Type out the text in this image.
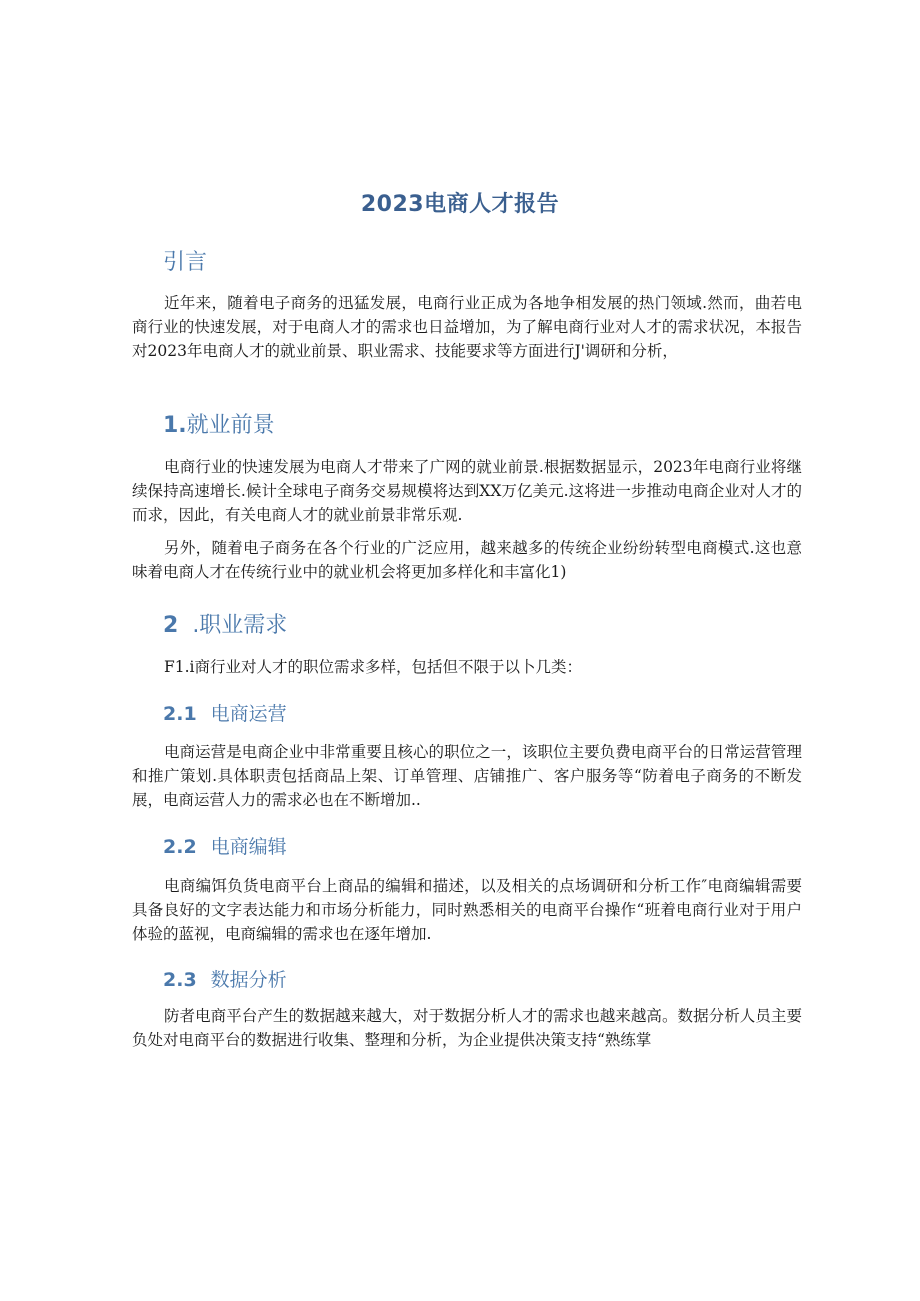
2023电商人才报告
引言
近年来，随着电子商务的迅猛发展，电商行业正成为各地争相发展的热门领域.然而，曲若电商行业的快速发展，对于电商人才的需求也日益增加，为了解电商行业对人才的需求状况，本报告对2023年电商人才的就业前景、职业需求、技能要求等方面进行J'调研和分析，
1.就业前景
电商行业的快速发展为电商人才带来了广网的就业前景.根据数据显示，2023年电商行业将继续保持高速增长.候计全球电子商务交易规模将达到XX万亿美元.这将进一步推动电商企业对人才的而求，因此，有关电商人才的就业前景非常乐观.
另外，随着电子商务在各个行业的广泛应用，越来越多的传统企业纷纷转型电商模式.这也意味着电商人才在传统行业中的就业机会将更加多样化和丰富化1)
2 .职业需求
F1.i商行业对人才的职位需求多样，包括但不限于以卜几类：
2.1 电商运营
电商运营是电商企业中非常重要且核心的职位之一，该职位主要负费电商平台的日常运营管理和推广策划.具体职责包括商品上架、订单管理、店铺推广、客户服务等“防着电子商务的不断发展，电商运营人力的需求必也在不断增加..
2.2 电商编辑
电商编饵负货电商平台上商品的编辑和描述，以及相关的点场调研和分析工作″电商编辑需要具备良好的文字表达能力和市场分析能力，同时熟悉相关的电商平台操作“班着电商行业对于用户体验的蓝视，电商编辑的需求也在逐年增加.
2.3 数据分析
防者电商平台产生的数据越来越大，对于数据分析人才的需求也越来越高。数据分析人员主要负处对电商平台的数据进行收集、整理和分析，为企业提供决策支持“熟练掌
